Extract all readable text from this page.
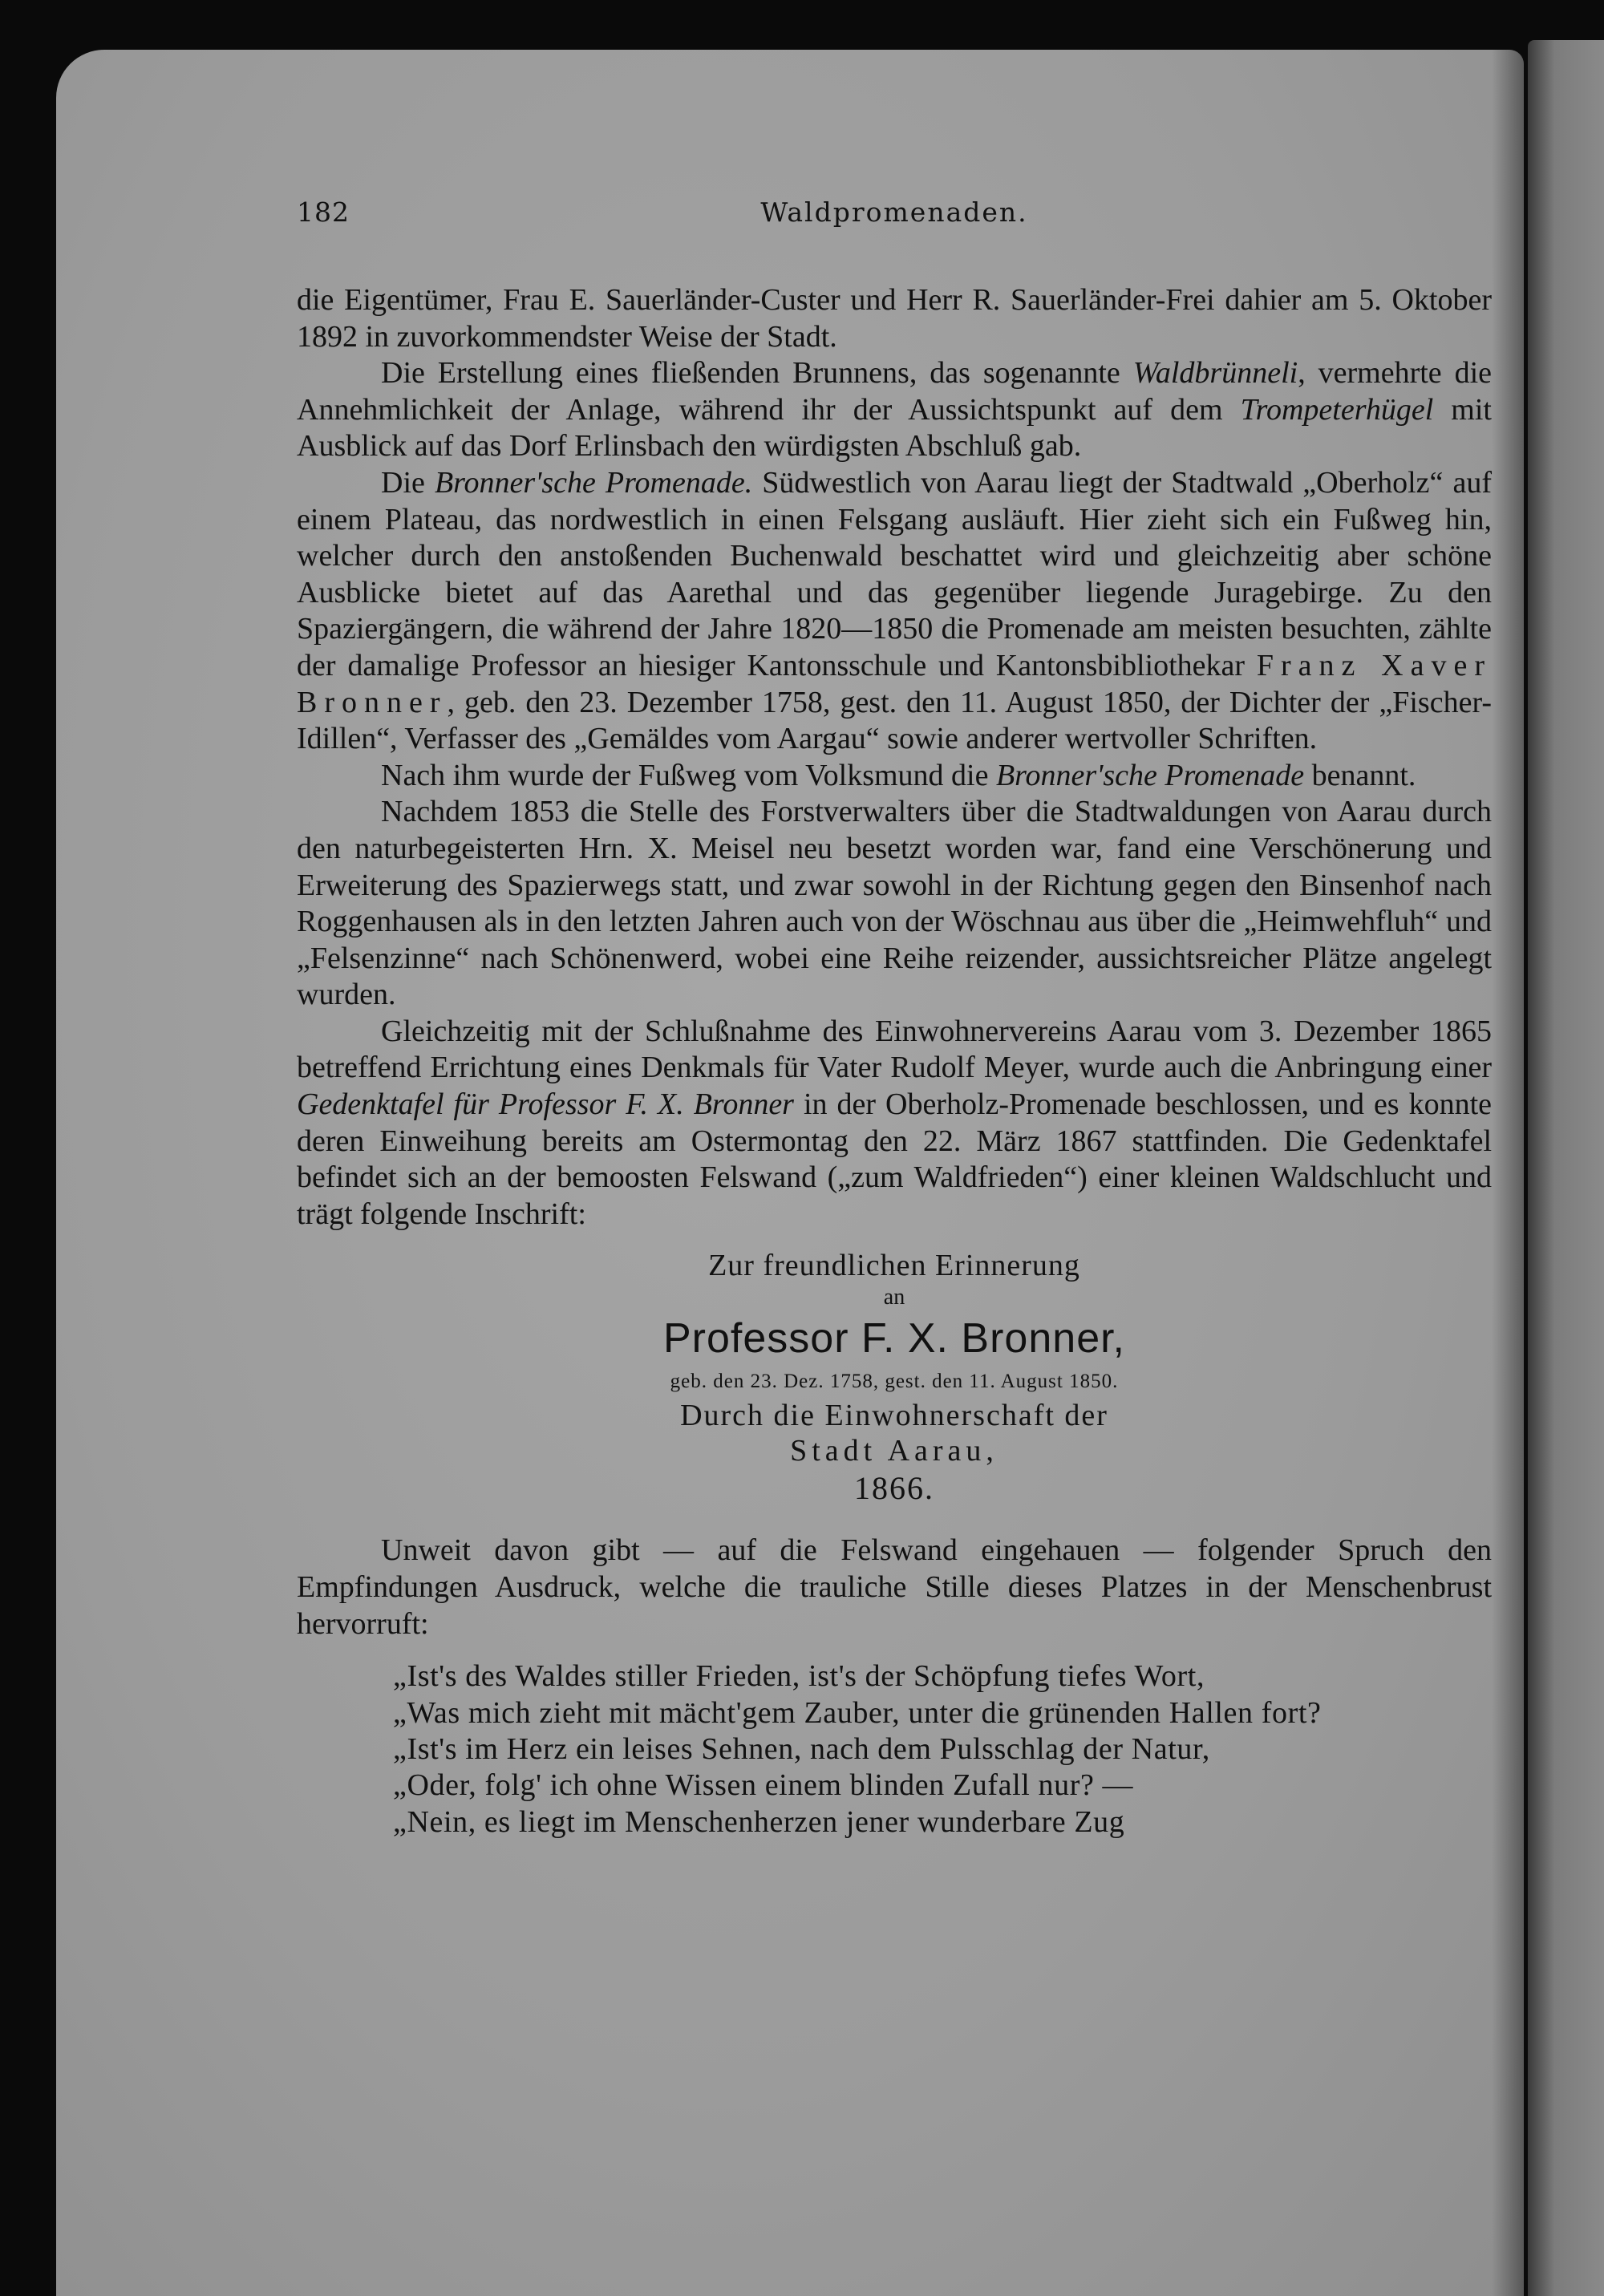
182	Waldpromenaden.

die Eigentümer, Frau E. Sauerländer-Custer und Herr R. Sauerländer-Frei dahier am 5. Oktober 1892 in zuvorkommendster Weise der Stadt.

Die Erstellung eines fließenden Brunnens, das sogenannte Waldbrünneli, vermehrte die Annehmlichkeit der Anlage, während ihr der Aussichtspunkt auf dem Trompeterhügel mit Ausblick auf das Dorf Erlinsbach den würdigsten Abschluß gab.

Die Bronner'sche Promenade. Südwestlich von Aarau liegt der Stadtwald „Oberholz“ auf einem Plateau, das nordwestlich in einen Felsgang ausläuft. Hier zieht sich ein Fußweg hin, welcher durch den anstoßenden Buchenwald beschattet wird und gleichzeitig aber schöne Ausblicke bietet auf das Aarethal und das gegenüber liegende Juragebirge. Zu den Spaziergängern, die während der Jahre 1820—1850 die Promenade am meisten besuchten, zählte der damalige Professor an hiesiger Kantonsschule und Kantonsbibliothekar Franz Xaver Bronner, geb. den 23. Dezember 1758, gest. den 11. August 1850, der Dichter der „Fischer-Idillen“, Verfasser des „Gemäldes vom Aargau“ sowie anderer wertvoller Schriften.

Nach ihm wurde der Fußweg vom Volksmund die Bronner'sche Promenade benannt.

Nachdem 1853 die Stelle des Forstverwalters über die Stadtwaldungen von Aarau durch den naturbegeisterten Hrn. X. Meisel neu besetzt worden war, fand eine Verschönerung und Erweiterung des Spazierwegs statt, und zwar sowohl in der Richtung gegen den Binsenhof nach Roggenhausen als in den letzten Jahren auch von der Wöschnau aus über die „Heimwehfluh“ und „Felsenzinne“ nach Schönenwerd, wobei eine Reihe reizender, aussichtsreicher Plätze angelegt wurden.

Gleichzeitig mit der Schlußnahme des Einwohnervereins Aarau vom 3. Dezember 1865 betreffend Errichtung eines Denkmals für Vater Rudolf Meyer, wurde auch die Anbringung einer Gedenktafel für Professor F. X. Bronner in der Oberholz-Promenade beschlossen, und es konnte deren Einweihung bereits am Ostermontag den 22. März 1867 stattfinden. Die Gedenktafel befindet sich an der bemoosten Felswand („zum Waldfrieden“) einer kleinen Waldschlucht und trägt folgende Inschrift:

Zur freundlichen Erinnerung
an
Professor F. X. Bronner,
geb. den 23. Dez. 1758, gest. den 11. August 1850.
Durch die Einwohnerschaft der
Stadt Aarau,
1866.

Unweit davon gibt — auf die Felswand eingehauen — folgender Spruch den Empfindungen Ausdruck, welche die trauliche Stille dieses Platzes in der Menschenbrust hervorruft:

„Ist's des Waldes stiller Frieden, ist's der Schöpfung tiefes Wort,
„Was mich zieht mit mächt'gem Zauber, unter die grünenden Hallen fort?
„Ist's im Herz ein leises Sehnen, nach dem Pulsschlag der Natur,
„Oder, folg' ich ohne Wissen einem blinden Zufall nur? —
„Nein, es liegt im Menschenherzen jener wunderbare Zug
